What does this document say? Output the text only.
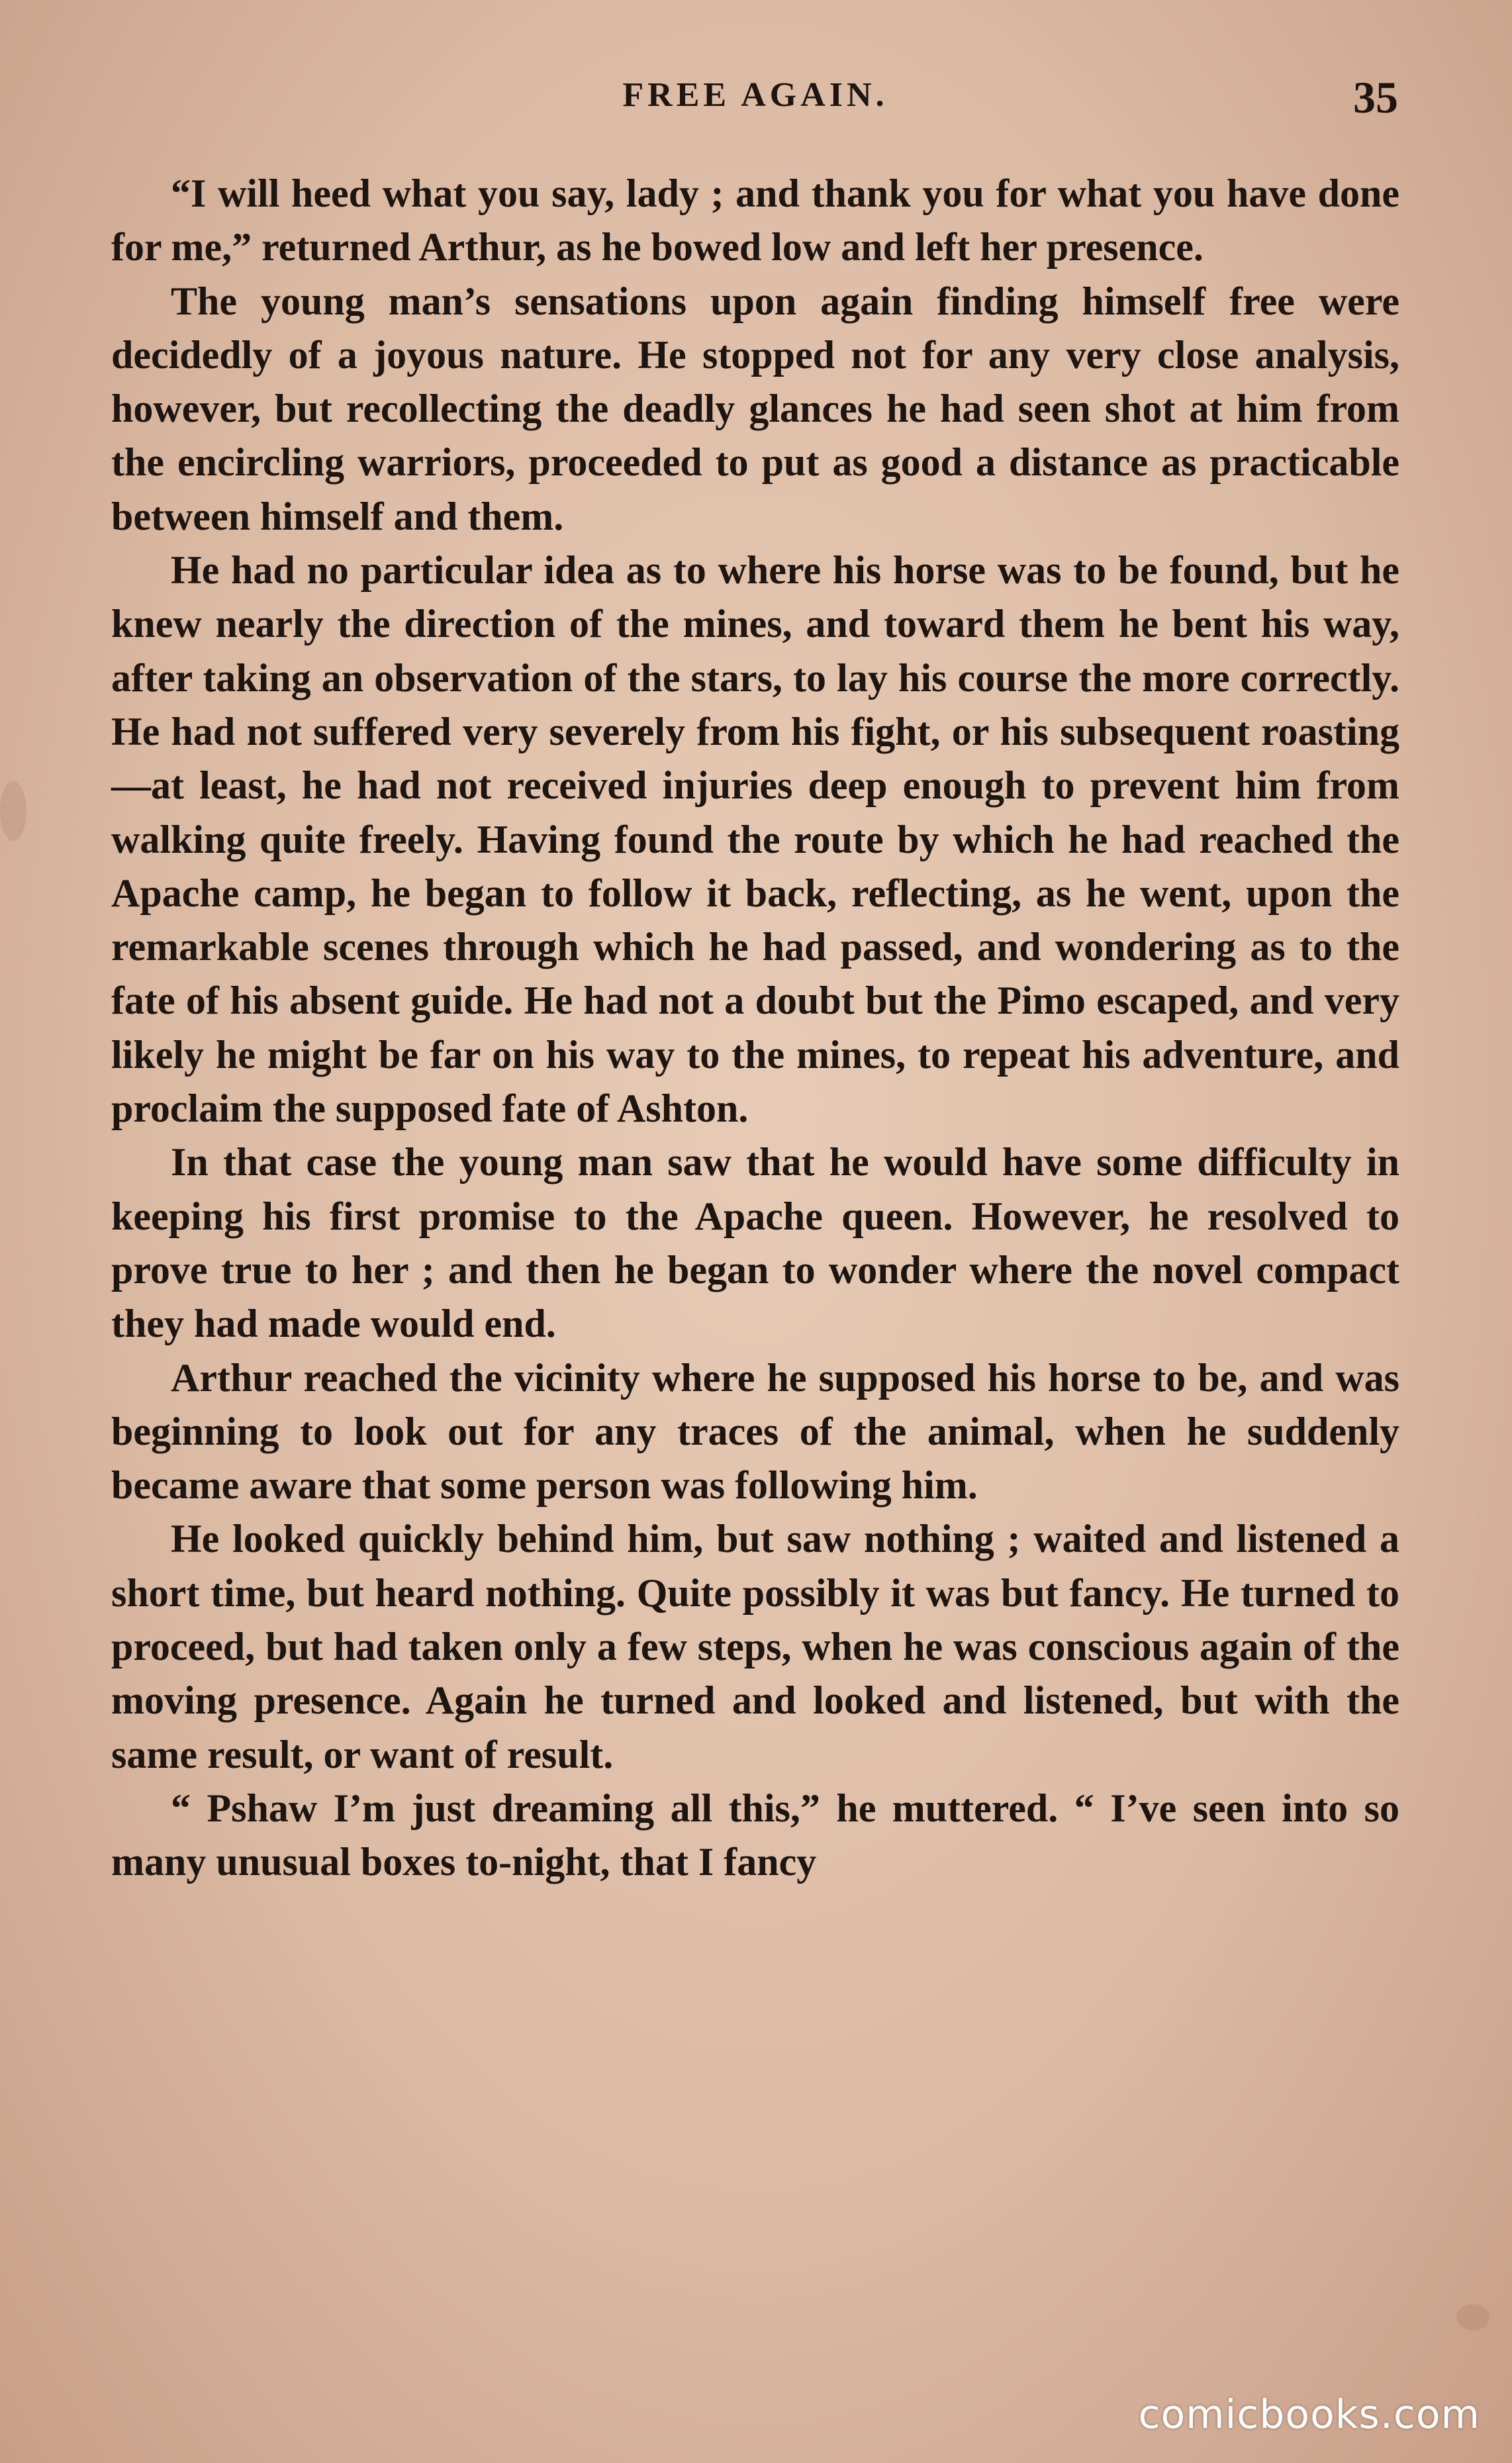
FREE AGAIN.	35

“I will heed what you say, lady ; and thank you for what you have done for me,” returned Arthur, as he bowed low and left her presence.

The young man’s sensations upon again finding himself free were decidedly of a joyous nature. He stopped not for any very close analysis, however, but recollecting the deadly glances he had seen shot at him from the encircling warriors, proceeded to put as good a distance as practicable between himself and them.

He had no particular idea as to where his horse was to be found, but he knew nearly the direction of the mines, and toward them he bent his way, after taking an observation of the stars, to lay his course the more correctly. He had not suffered very severely from his fight, or his subsequent roasting—at least, he had not received injuries deep enough to prevent him from walking quite freely. Having found the route by which he had reached the Apache camp, he began to follow it back, reflecting, as he went, upon the remarkable scenes through which he had passed, and wondering as to the fate of his absent guide. He had not a doubt but the Pimo escaped, and very likely he might be far on his way to the mines, to repeat his adventure, and proclaim the supposed fate of Ashton.

In that case the young man saw that he would have some difficulty in keeping his first promise to the Apache queen. However, he resolved to prove true to her ; and then he began to wonder where the novel compact they had made would end.

Arthur reached the vicinity where he supposed his horse to be, and was beginning to look out for any traces of the animal, when he suddenly became aware that some person was following him.

He looked quickly behind him, but saw nothing ; waited and listened a short time, but heard nothing. Quite possibly it was but fancy. He turned to proceed, but had taken only a few steps, when he was conscious again of the moving presence. Again he turned and looked and listened, but with the same result, or want of result.

“ Pshaw I’m just dreaming all this,” he muttered. “ I’ve seen into so many unusual boxes to-night, that I fancy

comicbooks.com
